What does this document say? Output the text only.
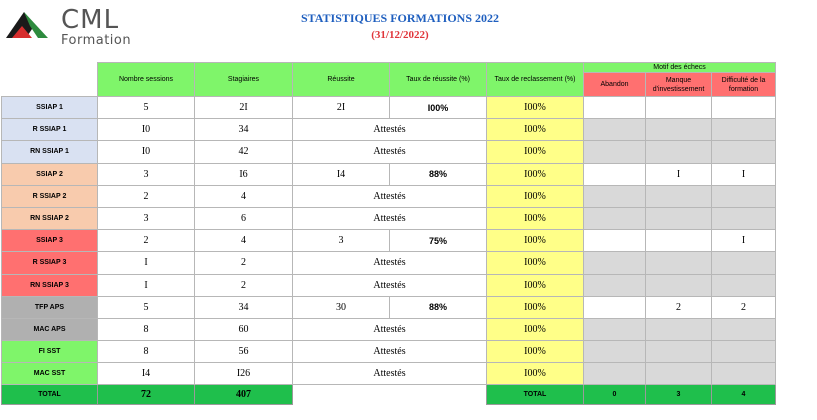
CML
Formation
STATISTIQUES FORMATIONS 2022
(31/12/2022)
	Nombre sessions	Stagiaires	Réussite	Taux de réussite (%)	Taux de reclassement (%)	Motif des échecs		
						Abandon	Manque d'investissement	Difficulté de la formation
SSIAP 1	5	2I	2I	I00%	I00%			
R SSIAP 1	I0	34	Attestés		I00%			
RN SSIAP 1	I0	42	Attestés		I00%			
SSIAP 2	3	I6	I4	88%	I00%		I	I
R SSIAP 2	2	4	Attestés		I00%			
RN SSIAP 2	3	6	Attestés		I00%			
SSIAP 3	2	4	3	75%	I00%			I
R SSIAP 3	I	2	Attestés		I00%			
RN SSIAP 3	I	2	Attestés		I00%			
TFP APS	5	34	30	88%	I00%		2	2
MAC APS	8	60	Attestés		I00%			
FI SST	8	56	Attestés		I00%			
MAC SST	I4	I26	Attestés		I00%			
TOTAL	72	407			TOTAL	0	3	4
